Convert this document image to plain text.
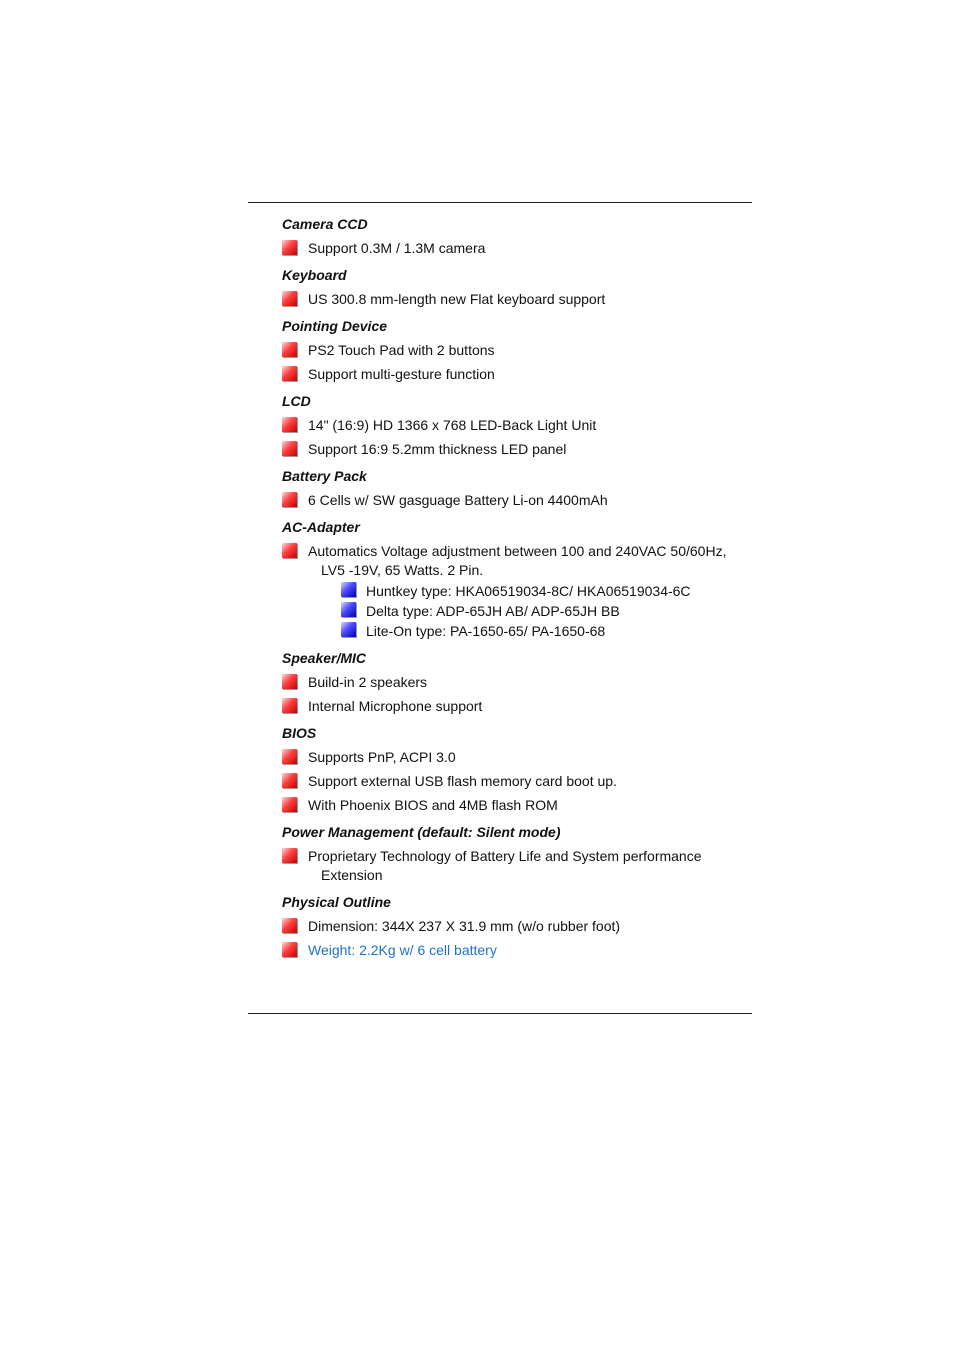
Camera CCD
Support 0.3M / 1.3M camera
Keyboard
US 300.8 mm-length new Flat keyboard support
Pointing Device
PS2 Touch Pad with 2 buttons
Support multi-gesture function
LCD
14" (16:9) HD 1366 x 768 LED-Back Light Unit
Support 16:9 5.2mm thickness LED panel
Battery Pack
6 Cells w/ SW gasguage Battery Li-on 4400mAh
AC-Adapter
Automatics Voltage adjustment between 100 and 240VAC 50/60Hz,
LV5 -19V, 65 Watts. 2 Pin.
Huntkey type: HKA06519034-8C/ HKA06519034-6C
Delta type: ADP-65JH AB/ ADP-65JH BB
Lite-On type: PA-1650-65/ PA-1650-68
Speaker/MIC
Build-in 2 speakers
Internal Microphone support
BIOS
Supports PnP, ACPI 3.0
Support external USB flash memory card boot up.
With Phoenix BIOS and 4MB flash ROM
Power Management (default: Silent mode)
Proprietary Technology of Battery Life and System performance
Extension
Physical Outline
Dimension: 344X 237 X 31.9 mm (w/o rubber foot)
Weight: 2.2Kg w/ 6 cell battery
